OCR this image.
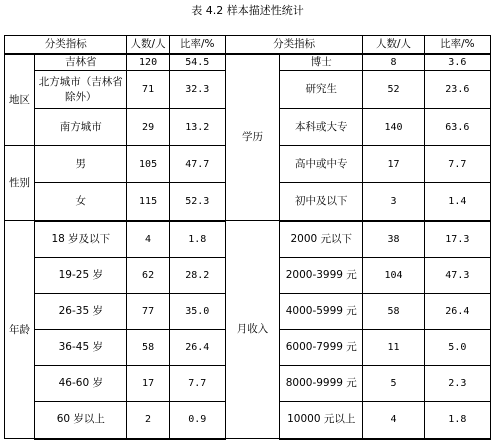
表 4.2 样本描述性统计
分类指标		人数/人	比率/%	分类指标		人数/人	比率/%
地区	吉林省	120	54.5	学历	博士	8	3.6
	北方城市（吉林省除外）	71	32.3		研究生	52	23.6
	南方城市	29	13.2		本科或大专	140	63.6
性别	男	105	47.7		高中或中专	17	7.7
	女	115	52.3		初中及以下	3	1.4
年龄	18 岁及以下	4	1.8	月收入	2000 元以下	38	17.3
	19-25 岁	62	28.2		2000-3999 元	104	47.3
	26-35 岁	77	35.0		4000-5999 元	58	26.4
	36-45 岁	58	26.4		6000-7999 元	11	5.0
	46-60 岁	17	7.7		8000-9999 元	5	2.3
	60 岁以上	2	0.9		10000 元以上	4	1.8
